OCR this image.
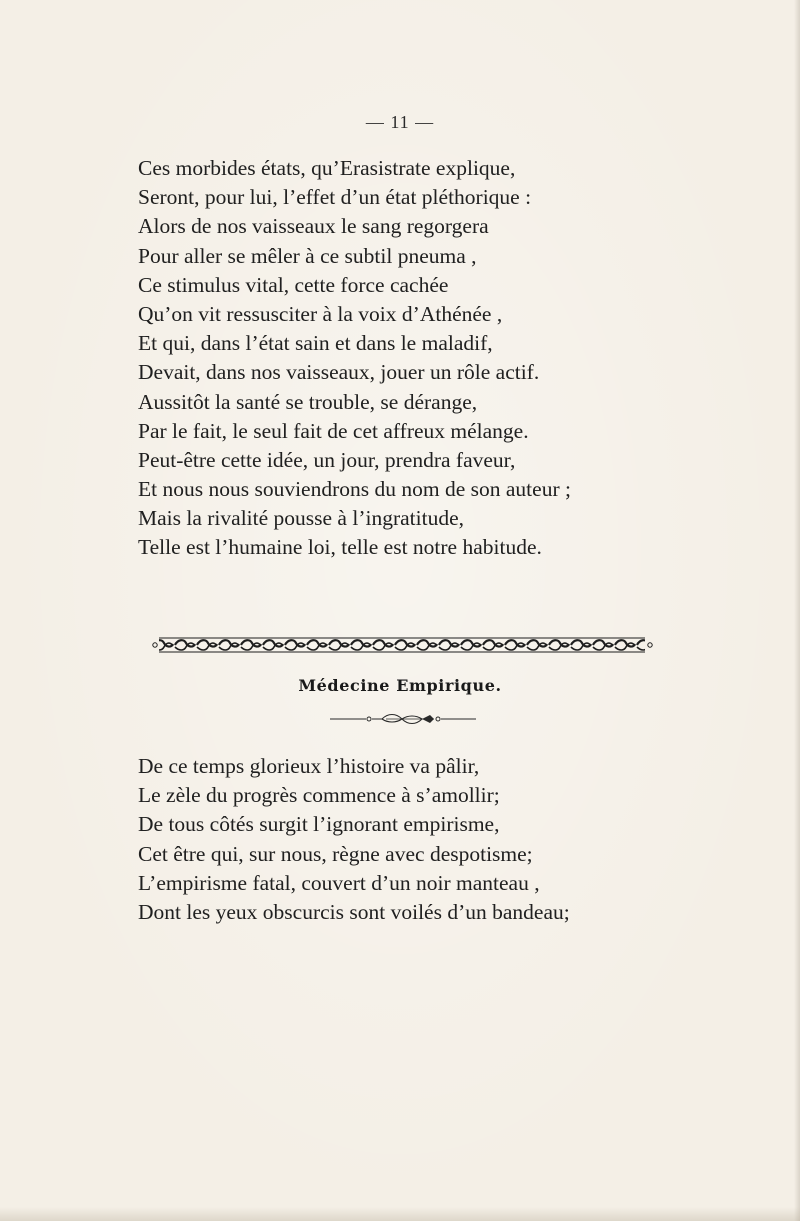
— 11 —
Ces morbides états, qu’Erasistrate explique,
Seront, pour lui, l’effet d’un état pléthorique :
Alors de nos vaisseaux le sang regorgera
Pour aller se mêler à ce subtil pneuma ,
Ce stimulus vital, cette force cachée
Qu’on vit ressusciter à la voix d’Athénée ,
Et qui, dans l’état sain et dans le maladif,
Devait, dans nos vaisseaux, jouer un rôle actif.
Aussitôt la santé se trouble, se dérange,
Par le fait, le seul fait de cet affreux mélange.
Peut-être cette idée, un jour, prendra faveur,
Et nous nous souviendrons du nom de son auteur ;
Mais la rivalité pousse à l’ingratitude,
Telle est l’humaine loi, telle est notre habitude.
Médecine Empirique.
De ce temps glorieux l’histoire va pâlir,
Le zèle du progrès commence à s’amollir;
De tous côtés surgit l’ignorant empirisme,
Cet être qui, sur nous, règne avec despotisme;
L’empirisme fatal, couvert d’un noir manteau ,
Dont les yeux obscurcis sont voilés d’un bandeau;
